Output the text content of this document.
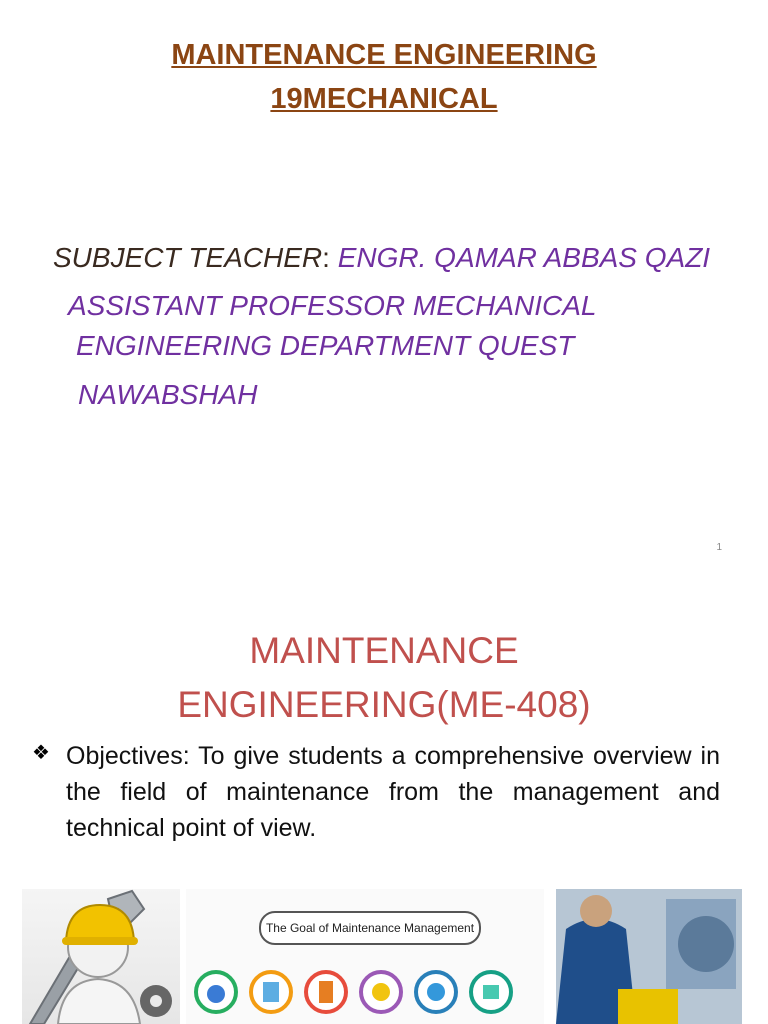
MAINTENANCE ENGINEERING
19MECHANICAL
SUBJECT TEACHER: ENGR. QAMAR ABBAS QAZI
ASSISTANT PROFESSOR MECHANICAL
ENGINEERING DEPARTMENT QUEST
NAWABSHAH
1
MAINTENANCE
ENGINEERING(ME-408)
❖ Objectives: To give students a comprehensive overview in the field of maintenance from the management and technical point of view.
The Goal of Maintenance Management
